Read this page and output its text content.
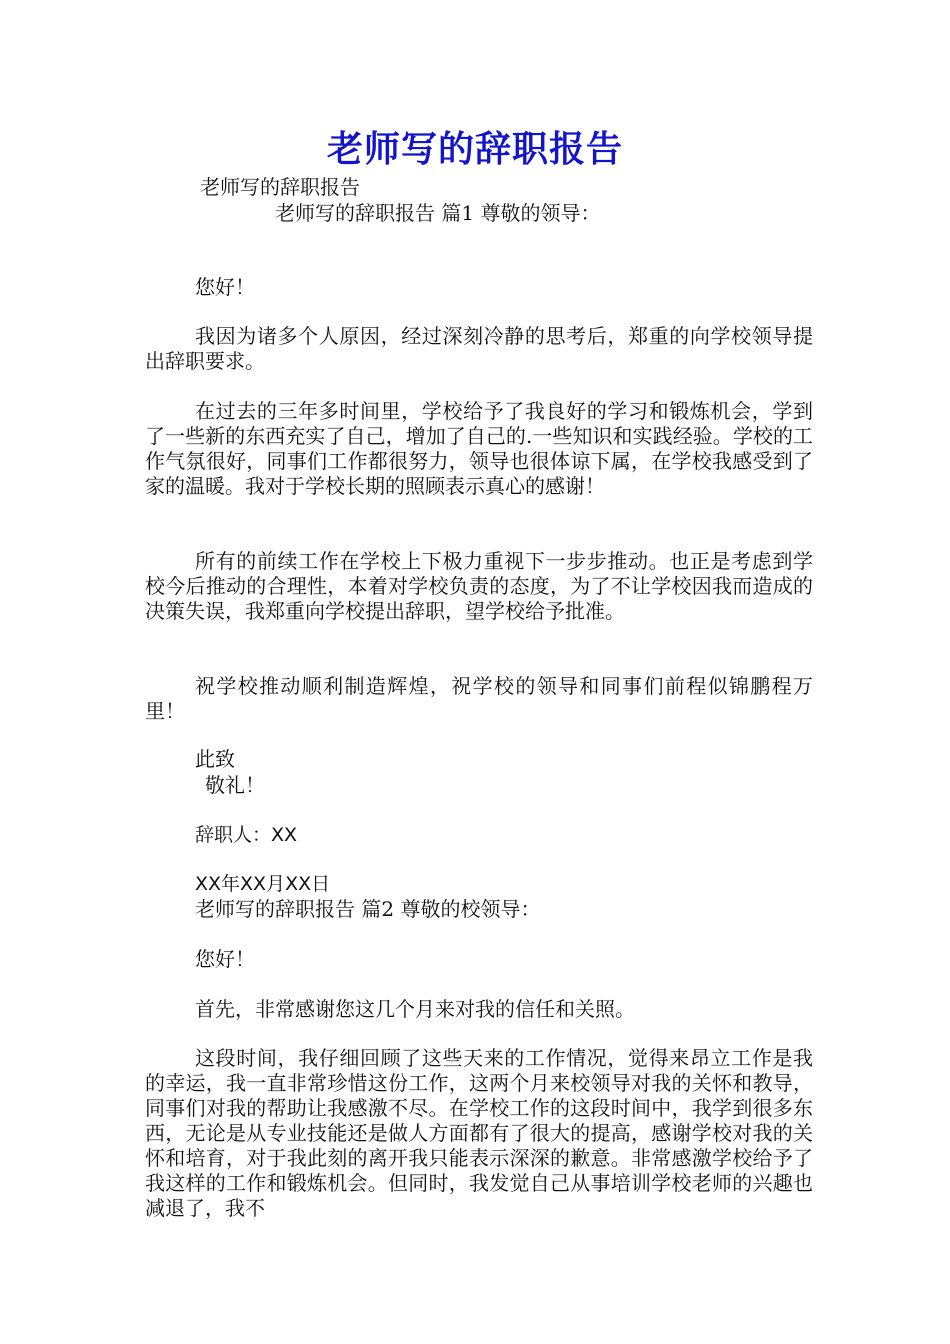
老师写的辞职报告
老师写的辞职报告
老师写的辞职报告 篇1 尊敬的领导：
您好！
我因为诸多个人原因，经过深刻冷静的思考后，郑重的向学校领导提出辞职要求。
在过去的三年多时间里，学校给予了我良好的学习和锻炼机会，学到了一些新的东西充实了自己，增加了自己的.一些知识和实践经验。学校的工作气氛很好，同事们工作都很努力，领导也很体谅下属，在学校我感受到了家的温暖。我对于学校长期的照顾表示真心的感谢！
所有的前续工作在学校上下极力重视下一步步推动。也正是考虑到学校今后推动的合理性，本着对学校负责的态度，为了不让学校因我而造成的决策失误，我郑重向学校提出辞职，望学校给予批准。
祝学校推动顺利制造辉煌，祝学校的领导和同事们前程似锦鹏程万里！
此致
敬礼！
辞职人：XX
XX年XX月XX日
老师写的辞职报告 篇2 尊敬的校领导：
您好！
首先，非常感谢您这几个月来对我的信任和关照。
这段时间，我仔细回顾了这些天来的工作情况，觉得来昂立工作是我的幸运，我一直非常珍惜这份工作，这两个月来校领导对我的关怀和教导，同事们对我的帮助让我感激不尽。在学校工作的这段时间中，我学到很多东西，无论是从专业技能还是做人方面都有了很大的提高，感谢学校对我的关怀和培育，对于我此刻的离开我只能表示深深的歉意。非常感激学校给予了我这样的工作和锻炼机会。但同时，我发觉自己从事培训学校老师的兴趣也减退了，我不
